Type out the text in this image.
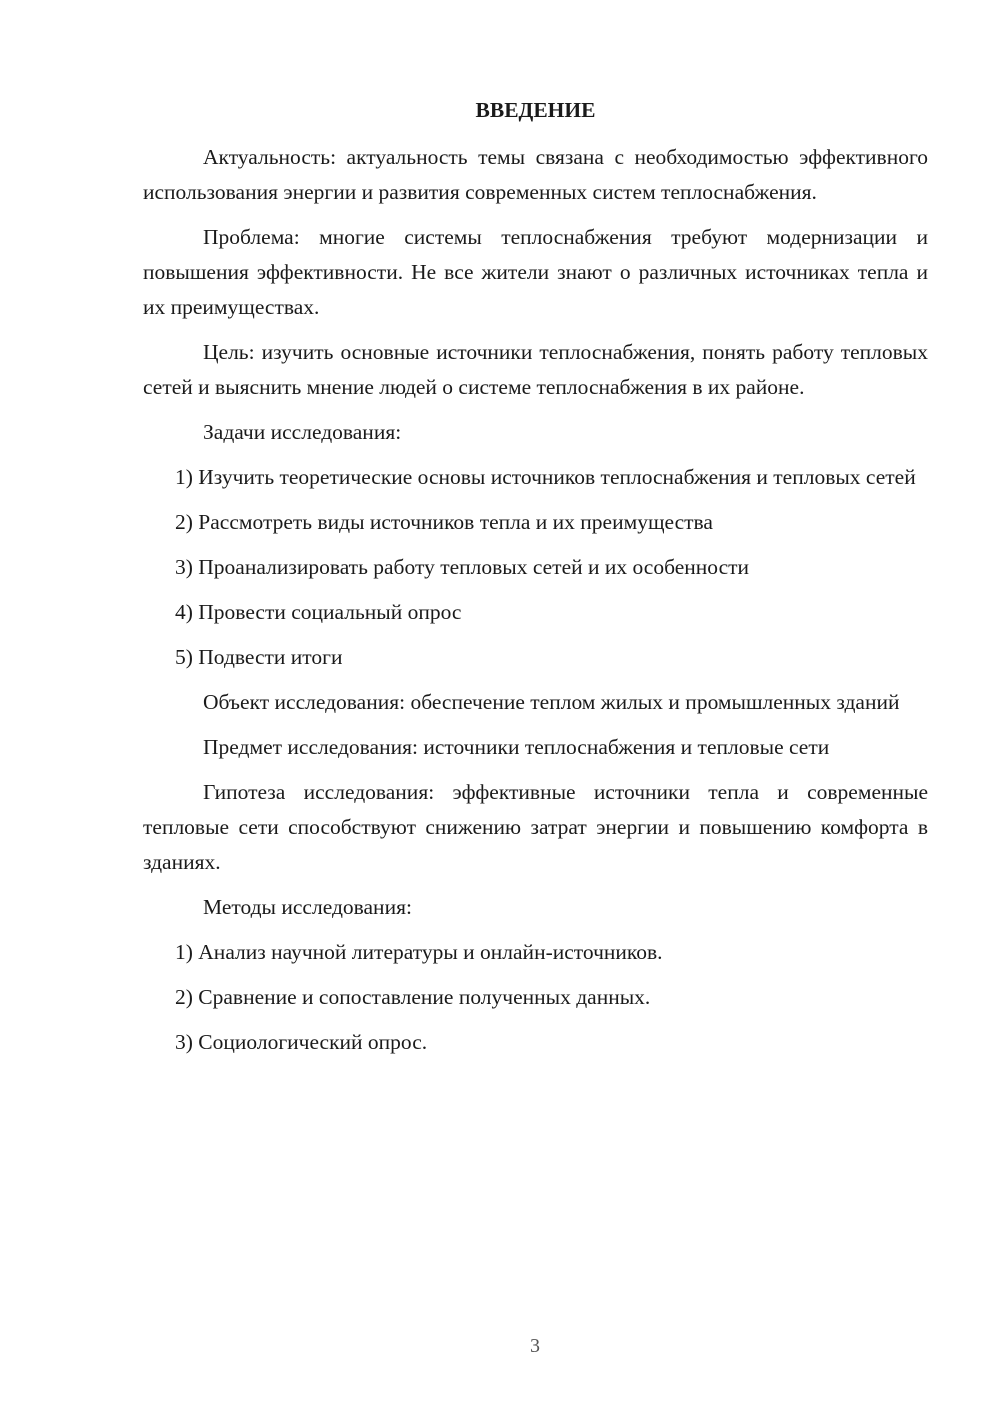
ВВЕДЕНИЕ

Актуальность: актуальность темы связана с необходимостью эффективного использования энергии и развития современных систем теплоснабжения.

Проблема: многие системы теплоснабжения требуют модернизации и повышения эффективности. Не все жители знают о различных источниках тепла и их преимуществах.

Цель: изучить основные источники теплоснабжения, понять работу тепловых сетей и выяснить мнение людей о системе теплоснабжения в их районе.

Задачи исследования:

1) Изучить теоретические основы источников теплоснабжения и тепловых сетей

2) Рассмотреть виды источников тепла и их преимущества

3) Проанализировать работу тепловых сетей и их особенности

4) Провести социальный опрос

5) Подвести итоги

Объект исследования: обеспечение теплом жилых и промышленных зданий

Предмет исследования: источники теплоснабжения и тепловые сети

Гипотеза исследования: эффективные источники тепла и современные тепловые сети способствуют снижению затрат энергии и повышению комфорта в зданиях.

Методы исследования:

1) Анализ научной литературы и онлайн-источников.

2) Сравнение и сопоставление полученных данных.

3) Социологический опрос.

3
